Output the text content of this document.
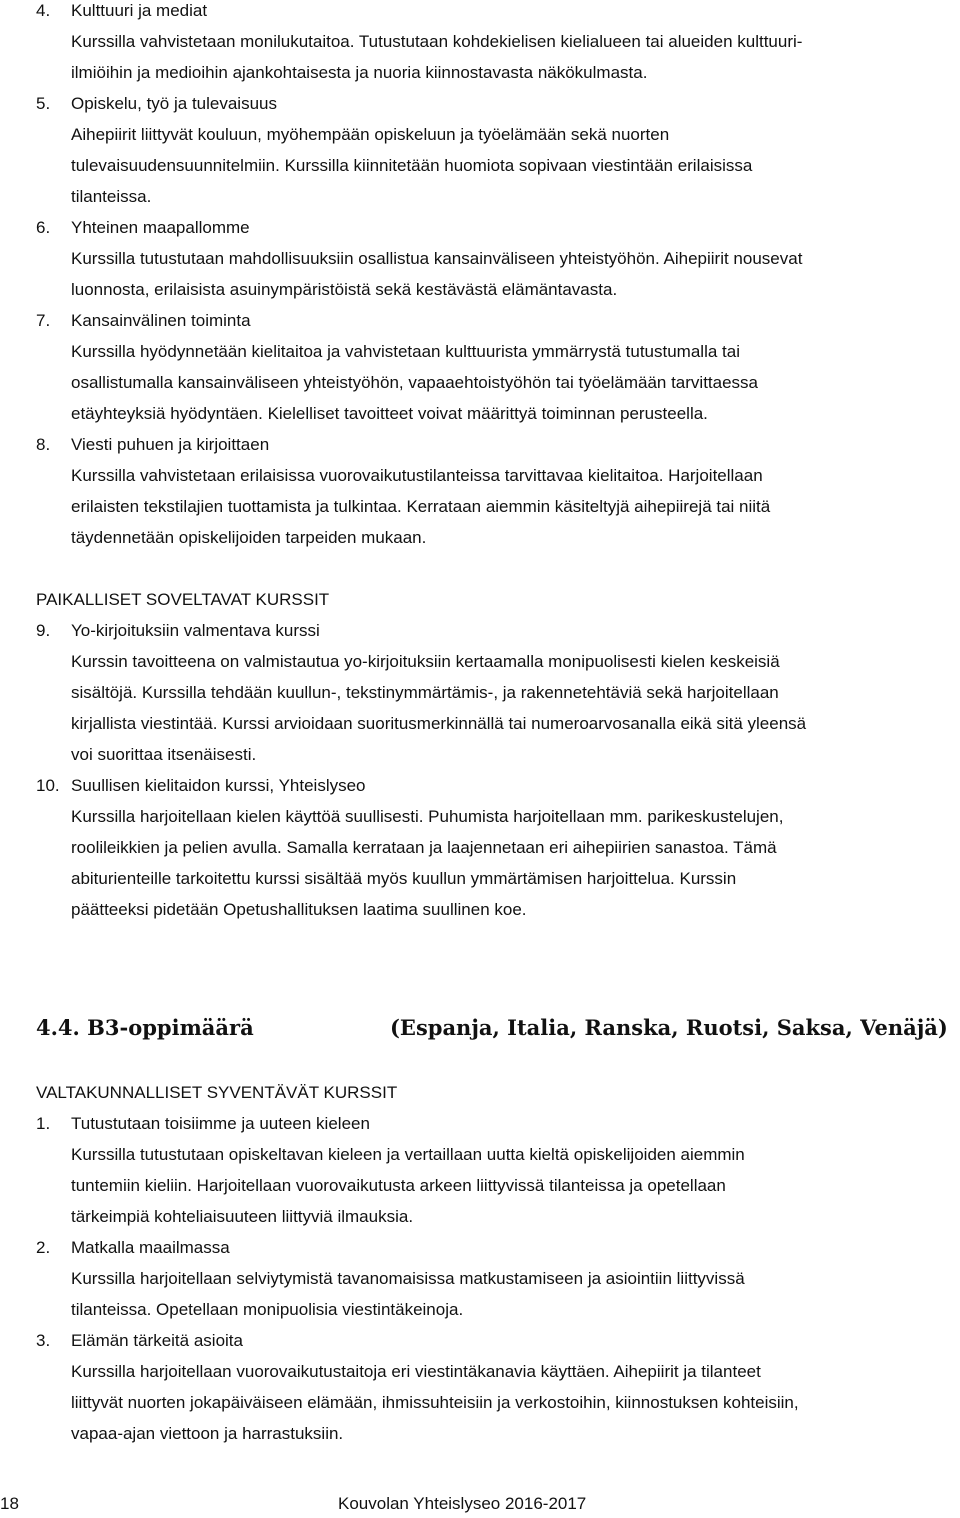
4. Kulttuuri ja mediat
Kurssilla vahvistetaan monilukutaitoa. Tutustutaan kohdekielisen kielialueen tai alueiden kulttuuri-
ilmiöihin ja medioihin ajankohtaisesta ja nuoria kiinnostavasta näkökulmasta.
5. Opiskelu, työ ja tulevaisuus
Aihepiirit liittyvät kouluun, myöhempään opiskeluun ja työelämään sekä nuorten
tulevaisuudensuunnitelmiin. Kurssilla kiinnitetään huomiota sopivaan viestintään erilaisissa
tilanteissa.
6. Yhteinen maapallomme
Kurssilla tutustutaan mahdollisuuksiin osallistua kansainväliseen yhteistyöhön. Aihepiirit nousevat
luonnosta, erilaisista asuinympäristöistä sekä kestävästä elämäntavasta.
7. Kansainvälinen toiminta
Kurssilla hyödynnetään kielitaitoa ja vahvistetaan kulttuurista ymmärrystä tutustumalla tai
osallistumalla kansainväliseen yhteistyöhön, vapaaehtoistyöhön tai työelämään tarvittaessa
etäyhteyksiä hyödyntäen. Kielelliset tavoitteet voivat määrittyä toiminnan perusteella.
8. Viesti puhuen ja kirjoittaen
Kurssilla vahvistetaan erilaisissa vuorovaikutustilanteissa tarvittavaa kielitaitoa. Harjoitellaan
erilaisten tekstilajien tuottamista ja tulkintaa. Kerrataan aiemmin käsiteltyjä aihepiirejä tai niitä
täydennetään opiskelijoiden tarpeiden mukaan.
PAIKALLISET SOVELTAVAT KURSSIT
9. Yo-kirjoituksiin valmentava kurssi
Kurssin tavoitteena on valmistautua yo-kirjoituksiin kertaamalla monipuolisesti kielen keskeisiä
sisältöjä. Kurssilla tehdään kuullun-, tekstinymmärtämis-, ja rakennetehtäviä sekä harjoitellaan
kirjallista viestintää. Kurssi arvioidaan suoritusmerkinnällä tai numeroarvosanalla eikä sitä yleensä
voi suorittaa itsenäisesti.
10. Suullisen kielitaidon kurssi, Yhteislyseo
Kurssilla harjoitellaan kielen käyttöä suullisesti. Puhumista harjoitellaan mm. parikeskustelujen,
roolileikkien ja pelien avulla. Samalla kerrataan ja laajennetaan eri aihepiirien sanastoa. Tämä
abiturienteille tarkoitettu kurssi sisältää myös kuullun ymmärtämisen harjoittelua. Kurssin
päätteeksi pidetään Opetushallituksen laatima suullinen koe.
4.4. B3-oppimäärä	(Espanja, Italia, Ranska, Ruotsi, Saksa, Venäjä)
VALTAKUNNALLISET SYVENTÄVÄT KURSSIT
1. Tutustutaan toisiimme ja uuteen kieleen
Kurssilla tutustutaan opiskeltavan kieleen ja vertaillaan uutta kieltä opiskelijoiden aiemmin
tuntemiin kieliin. Harjoitellaan vuorovaikutusta arkeen liittyvissä tilanteissa ja opetellaan
tärkeimpiä kohteliaisuuteen liittyviä ilmauksia.
2. Matkalla maailmassa
Kurssilla harjoitellaan selviytymistä tavanomaisissa matkustamiseen ja asiointiin liittyvissä
tilanteissa. Opetellaan monipuolisia viestintäkeinoja.
3. Elämän tärkeitä asioita
Kurssilla harjoitellaan vuorovaikutustaitoja eri viestintäkanavia käyttäen. Aihepiirit ja tilanteet
liittyvät nuorten jokapäiväiseen elämään, ihmissuhteisiin ja verkostoihin, kiinnostuksen kohteisiin,
vapaa-ajan viettoon ja harrastuksiin.
18	Kouvolan Yhteislyseo 2016-2017
